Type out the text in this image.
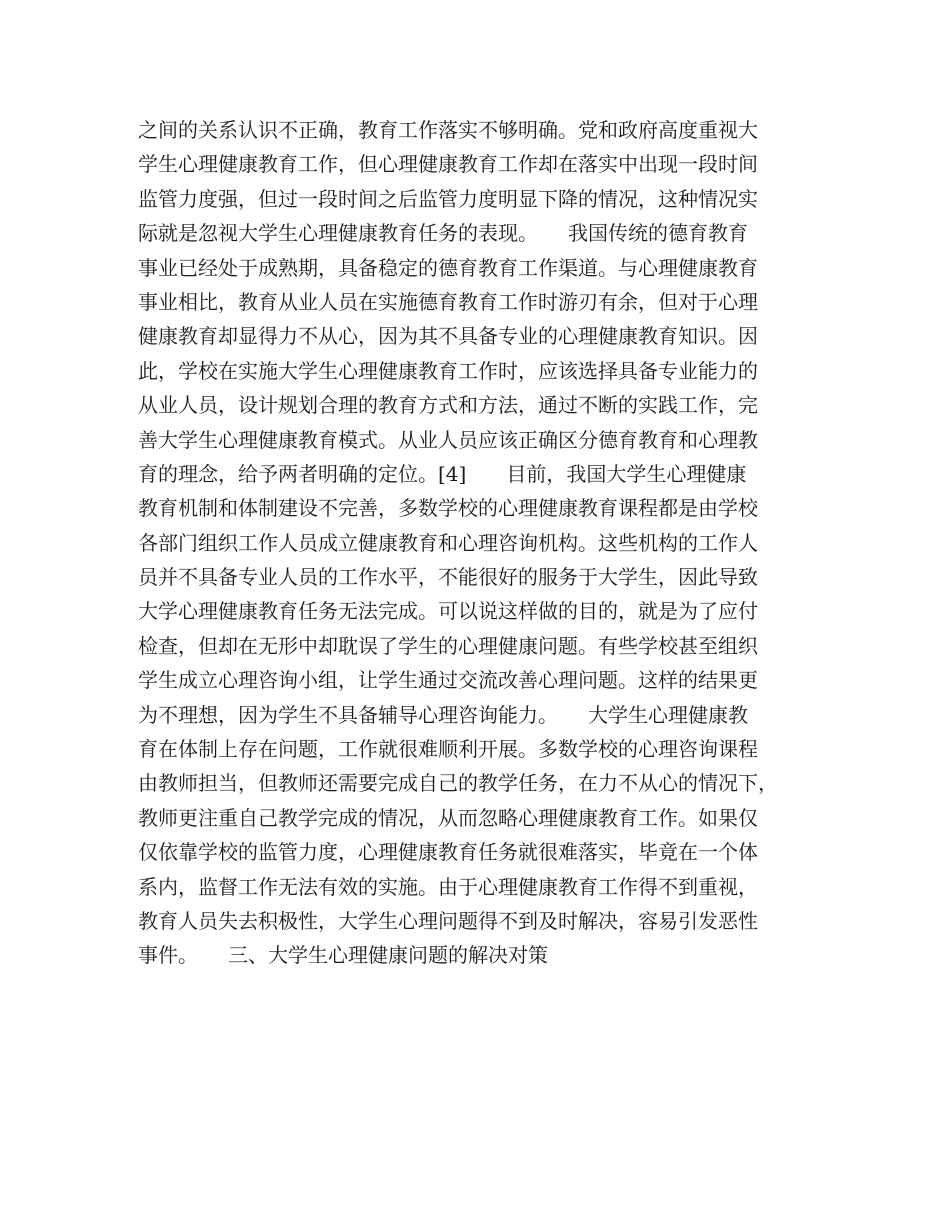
之间的关系认识不正确，教育工作落实不够明确。党和政府高度重视大
学生心理健康教育工作，但心理健康教育工作却在落实中出现一段时间
监管力度强，但过一段时间之后监管力度明显下降的情况，这种情况实
际就是忽视大学生心理健康教育任务的表现。　　我国传统的德育教育
事业已经处于成熟期，具备稳定的德育教育工作渠道。与心理健康教育
事业相比，教育从业人员在实施德育教育工作时游刃有余，但对于心理
健康教育却显得力不从心，因为其不具备专业的心理健康教育知识。因
此，学校在实施大学生心理健康教育工作时，应该选择具备专业能力的
从业人员，设计规划合理的教育方式和方法，通过不断的实践工作，完
善大学生心理健康教育模式。从业人员应该正确区分德育教育和心理教
育的理念，给予两者明确的定位。[4]　　目前，我国大学生心理健康
教育机制和体制建设不完善，多数学校的心理健康教育课程都是由学校
各部门组织工作人员成立健康教育和心理咨询机构。这些机构的工作人
员并不具备专业人员的工作水平，不能很好的服务于大学生，因此导致
大学心理健康教育任务无法完成。可以说这样做的目的，就是为了应付
检查，但却在无形中却耽误了学生的心理健康问题。有些学校甚至组织
学生成立心理咨询小组，让学生通过交流改善心理问题。这样的结果更
为不理想，因为学生不具备辅导心理咨询能力。　　大学生心理健康教
育在体制上存在问题，工作就很难顺利开展。多数学校的心理咨询课程
由教师担当，但教师还需要完成自己的教学任务，在力不从心的情况下，
教师更注重自己教学完成的情况，从而忽略心理健康教育工作。如果仅
仅依靠学校的监管力度，心理健康教育任务就很难落实，毕竟在一个体
系内，监督工作无法有效的实施。由于心理健康教育工作得不到重视，
教育人员失去积极性，大学生心理问题得不到及时解决，容易引发恶性
事件。　　三、大学生心理健康问题的解决对策
